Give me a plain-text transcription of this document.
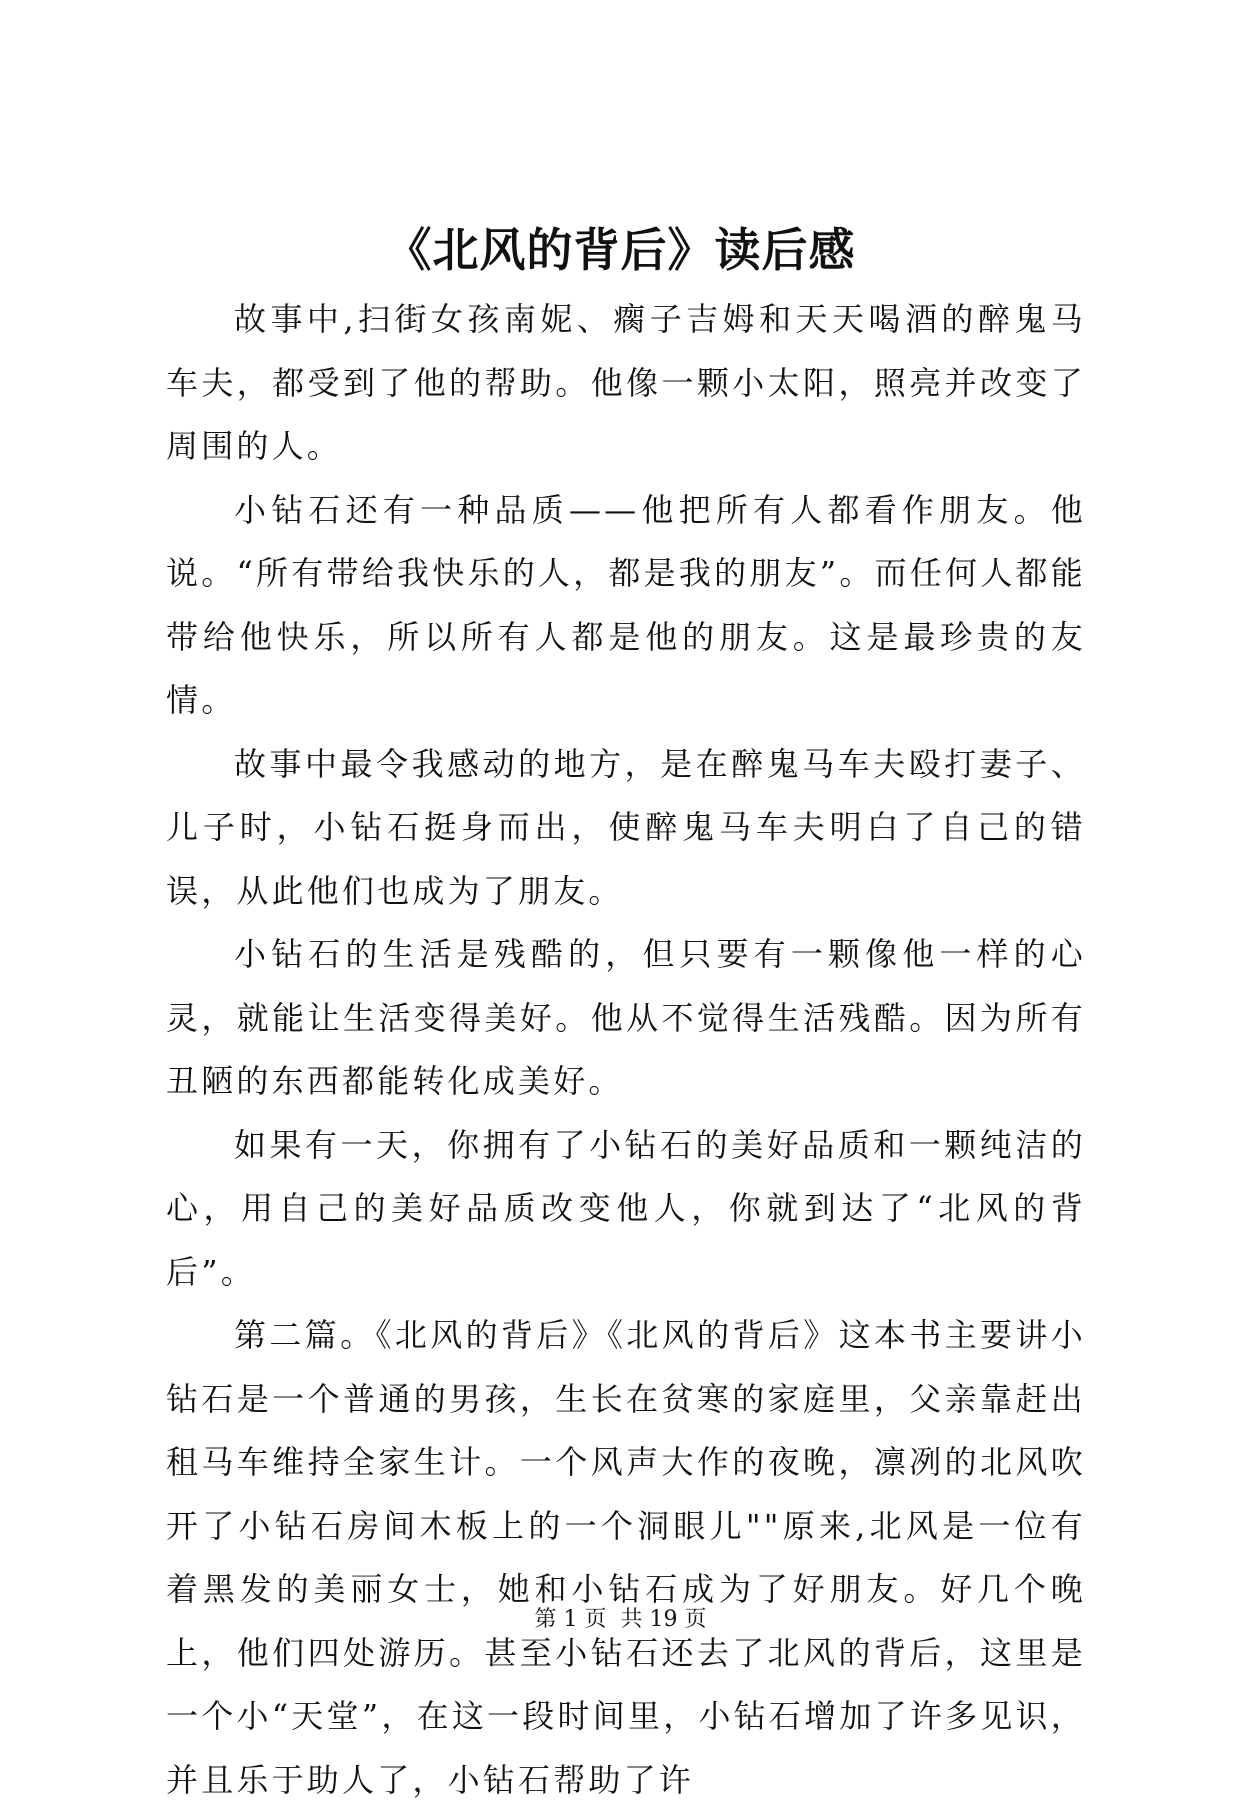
《北风的背后》读后感

故事中,扫街女孩南妮、瘸子吉姆和天天喝酒的醉鬼马车夫，都受到了他的帮助。他像一颗小太阳，照亮并改变了周围的人。

小钻石还有一种品质——他把所有人都看作朋友。他说。“所有带给我快乐的人，都是我的朋友”。而任何人都能带给他快乐，所以所有人都是他的朋友。这是最珍贵的友情。

故事中最令我感动的地方，是在醉鬼马车夫殴打妻子、儿子时，小钻石挺身而出，使醉鬼马车夫明白了自己的错误，从此他们也成为了朋友。

小钻石的生活是残酷的，但只要有一颗像他一样的心灵，就能让生活变得美好。他从不觉得生活残酷。因为所有丑陋的东西都能转化成美好。

如果有一天，你拥有了小钻石的美好品质和一颗纯洁的心，用自己的美好品质改变他人，你就到达了“北风的背后”。

第二篇。《北风的背后》《北风的背后》这本书主要讲小钻石是一个普通的男孩，生长在贫寒的家庭里，父亲靠赶出租马车维持全家生计。一个风声大作的夜晚，凛冽的北风吹开了小钻石房间木板上的一个洞眼儿""原来,北风是一位有着黑发的美丽女士，她和小钻石成为了好朋友。好几个晚上，他们四处游历。甚至小钻石还去了北风的背后，这里是一个小“天堂”，在这一段时间里，小钻石增加了许多见识，并且乐于助人了，小钻石帮助了许

第 1 页  共 19 页
